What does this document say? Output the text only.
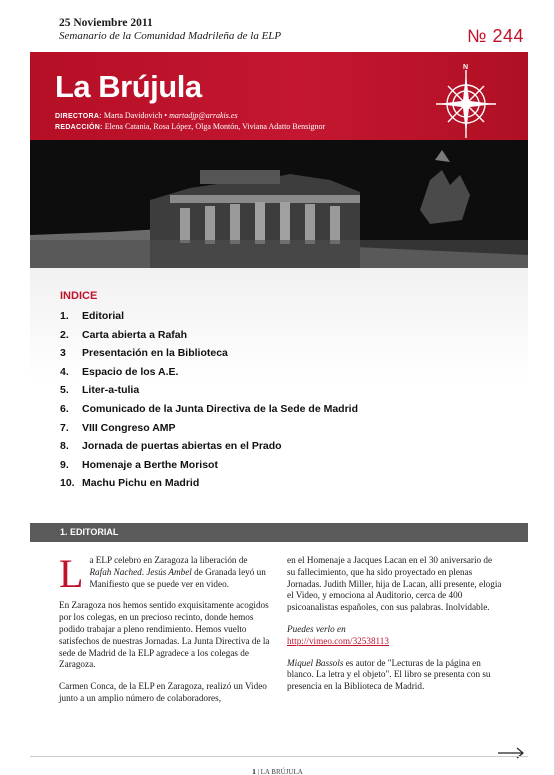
25 Noviembre 2011
Semanario de la Comunidad Madrileña de la ELP	№ 244
La Brújula
DIRECTORA: Marta Davidovich • martadjp@arrakis.es
REDACCIÓN: Elena Catania, Rosa López, Olga Montón, Viviana Adatto Bensignor
N
INDICE
1.	Editorial
2.	Carta abierta a Rafah
3	Presentación en la Biblioteca
4.	Espacio de los A.E.
5.	Liter-a-tulia
6.	Comunicado de la Junta Directiva de la Sede de Madrid
7.	VIII Congreso AMP
8.	Jornada de puertas abiertas en el Prado
9.	Homenaje a Berthe Morisot
10. Machu Pichu en Madrid
1. EDITORIAL

La ELP celebro en Zaragoza la liberación de Rafah Nached. Jesús Ambel de Granada leyó un Manifiesto que se puede ver en video.

En Zaragoza nos hemos sentido exquisitamente acogidos por los colegas, en un precioso recinto, donde hemos podido trabajar a pleno rendimiento. Hemos vuelto satisfechos de nuestras Jornadas. La Junta Directiva de la sede de Madrid de la ELP agradece a los colegas de Zaragoza.

Carmen Conca, de la ELP en Zaragoza, realizó un Video junto a un amplio número de colaboradores,

en el Homenaje a Jacques Lacan en el 30 aniversario de su fallecimiento, que ha sido proyectado en plenas Jornadas. Judith Miller, hija de Lacan, allí presente, elogia el Video, y emociona al Auditorio, cerca de 400 psicoanalistas españoles, con sus palabras. Inolvidable.

Puedes verlo en

http://vimeo.com/32538113

Miquel Bassols es autor de "Lecturas de la página en blanco. La letra y el objeto". El libro se presenta con su presencia en la Biblioteca de Madrid.

1 | LA BRÚJULA
